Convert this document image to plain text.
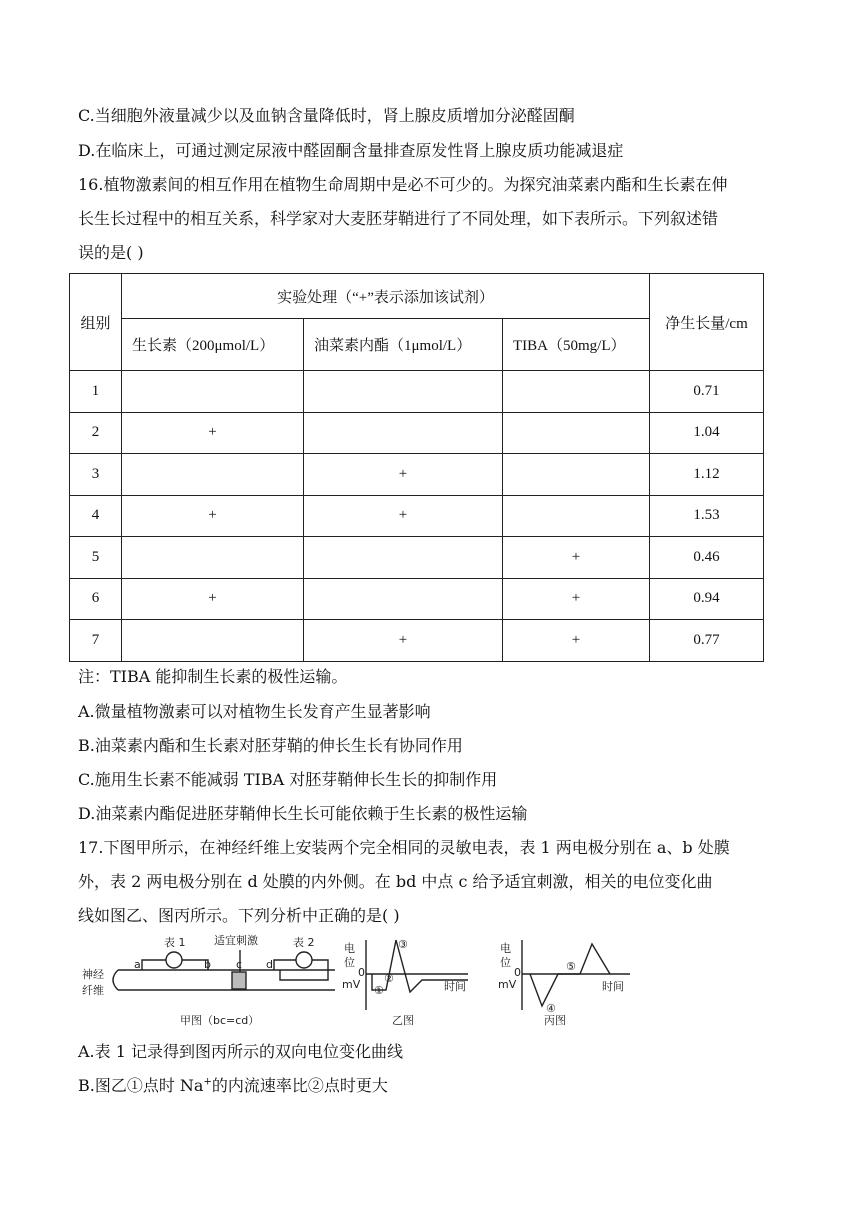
C.当细胞外液量减少以及血钠含量降低时，肾上腺皮质增加分泌醛固酮
D.在临床上，可通过测定尿液中醛固酮含量排查原发性肾上腺皮质功能减退症
16.植物激素间的相互作用在植物生命周期中是必不可少的。为探究油菜素内酯和生长素在伸
长生长过程中的相互关系，科学家对大麦胚芽鞘进行了不同处理，如下表所示。下列叙述错
误的是( )
组别	实验处理（“+”表示添加该试剂）			净生长量/cm
	生长素（200μmol/L）	油菜素内酯（1μmol/L）	TIBA（50mg/L）	
1				0.71
2	+			1.04
3		+		1.12
4	+	+		1.53
5			+	0.46
6	+		+	0.94
7		+	+	0.77
注：TIBA 能抑制生长素的极性运输。
A.微量植物激素可以对植物生长发育产生显著影响
B.油菜素内酯和生长素对胚芽鞘的伸长生长有协同作用
C.施用生长素不能减弱 TIBA 对胚芽鞘伸长生长的抑制作用
D.油菜素内酯促进胚芽鞘伸长生长可能依赖于生长素的极性运输
17.下图甲所示，在神经纤维上安装两个完全相同的灵敏电表，表 1 两电极分别在 a、b 处膜
外，表 2 两电极分别在 d 处膜的内外侧。在 bd 中点 c 给予适宜刺激，相关的电位变化曲
线如图乙、图丙所示。下列分析中正确的是( )
表 1	表 2
适宜刺激
神经
纤维
a	b c d
甲图（bc=cd）	乙图	丙图
电
位
mV
0
时间
①
②
③	电
位
mV
0
时间
④
⑤
A.表 1 记录得到图丙所示的双向电位变化曲线
B.图乙①点时 Na+的内流速率比②点时更大
